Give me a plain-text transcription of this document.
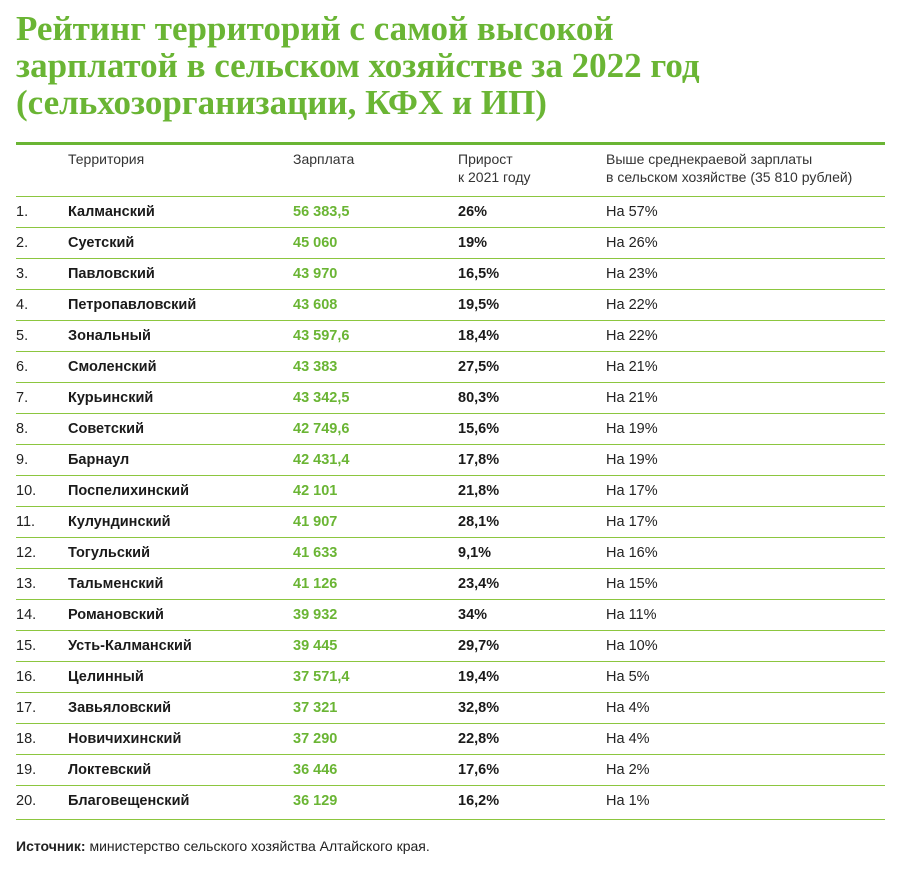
Рейтинг территорий с самой высокой
зарплатой в сельском хозяйстве за 2022 год
(сельхозорганизации, КФХ и ИП)
Территория	Зарплата	Прирост
к 2021 году
Выше среднекраевой зарплаты
в сельском хозяйстве (35 810 рублей)
1.	Калманский	56 383,5	26%	На 57%
2.	Суетский	45 060	19%	На 26%
3.	Павловский	43 970	16,5%	На 23%
4.	Петропавловский	43 608	19,5%	На 22%
5.	Зональный	43 597,6	18,4%	На 22%
6.	Смоленский	43 383	27,5%	На 21%
7.	Курьинский	43 342,5	80,3%	На 21%
8.	Советский	42 749,6	15,6%	На 19%
9.	Барнаул	42 431,4	17,8%	На 19%
10. Поспелихинский	42 101	21,8%	На 17%
11. Кулундинский	41 907	28,1%	На 17%
12. Тогульский	41 633	9,1%	На 16%
13. Тальменский	41 126	23,4%	На 15%
14. Романовский	39 932	34%	На 11%
15. Усть-Калманский	39 445	29,7%	На 10%
16. Целинный	37 571,4	19,4%	На 5%
17. Завьяловский	37 321	32,8%	На 4%
18. Новичихинский	37 290	22,8%	На 4%
19. Локтевский	36 446	17,6%	На 2%
20. Благовещенский	36 129	16,2%	На 1%
Источник: министерство сельского хозяйства Алтайского края.
